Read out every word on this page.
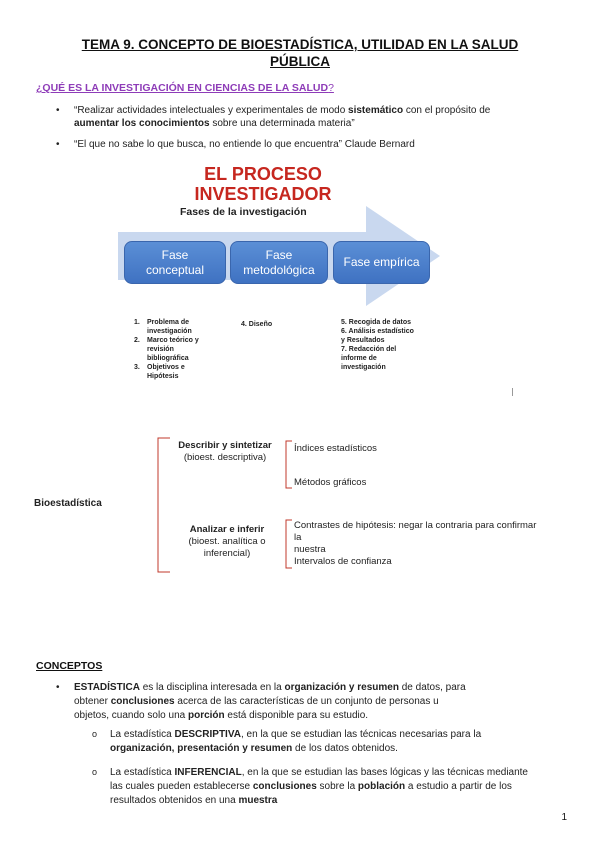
TEMA 9. CONCEPTO DE BIOESTADÍSTICA, UTILIDAD EN LA SALUD
PÚBLICA
¿QUÉ ES LA INVESTIGACIÓN EN CIENCIAS DE LA SALUD?
• “Realizar actividades intelectuales y experimentales de modo sistemático con el propósito de
aumentar los conocimientos sobre una determinada materia”
• “El que no sabe lo que busca, no entiende lo que encuentra” Claude Bernard
EL PROCESO
INVESTIGADOR
Fases de la investigación
Fase
conceptual
Fase
metodológica
Fase empírica
1.	Problema de investigación
2.	Marco teórico y revisión bibliográfica
3.	Objetivos e Hipótesis
4. Diseño	5. Recogida de datos
6. Análisis estadístico
y Resultados
7. Redacción del
informe de
investigación
Bioestadística
Describir y sintetizar
(bioest. descriptiva)
Índices estadísticos
Métodos gráficos
Analizar e inferir
(bioest. analítica o
inferencial)
Contrastes de hipótesis: negar la contraria para confirmar la
nuestra
Intervalos de confianza
CONCEPTOS
• ESTADÍSTICA es la disciplina interesada en la organización y resumen de datos, para
obtener conclusiones acerca de las características de un conjunto de personas u
objetos, cuando solo una porción está disponible para su estudio.
o La estadística DESCRIPTIVA, en la que se estudian las técnicas necesarias para la
organización, presentación y resumen de los datos obtenidos.
o La estadística INFERENCIAL, en la que se estudian las bases lógicas y las técnicas mediante
las cuales pueden establecerse conclusiones sobre la población a estudio a partir de los
resultados obtenidos en una muestra
1
